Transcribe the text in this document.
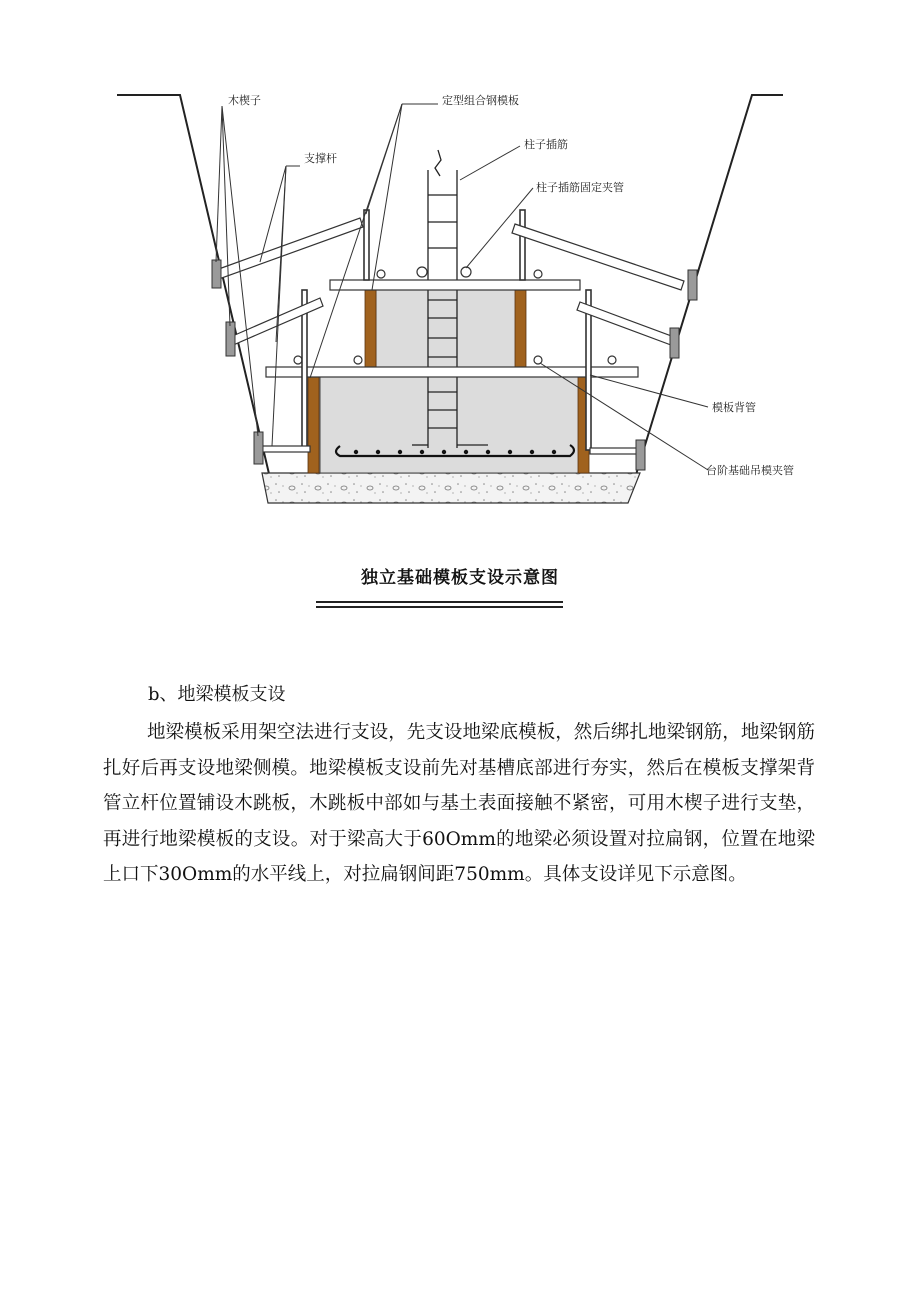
木楔子
支撑杆
定型组合钢模板
柱子插筋
柱子插筋固定夹管
模板背管
台阶基础吊模夹管
独立基础模板支设示意图
b、地梁模板支设

地梁模板采用架空法进行支设，先支设地梁底模板，然后绑扎地梁钢筋，地梁钢筋扎好后再支设地梁侧模。地梁模板支设前先对基槽底部进行夯实，然后在模板支撑架背管立杆位置铺设木跳板，木跳板中部如与基土表面接触不紧密，可用木楔子进行支垫，再进行地梁模板的支设。对于梁高大于60Omm的地梁必须设置对拉扁钢，位置在地梁上口下30Omm的水平线上，对拉扁钢间距750mm。具体支设详见下示意图。
